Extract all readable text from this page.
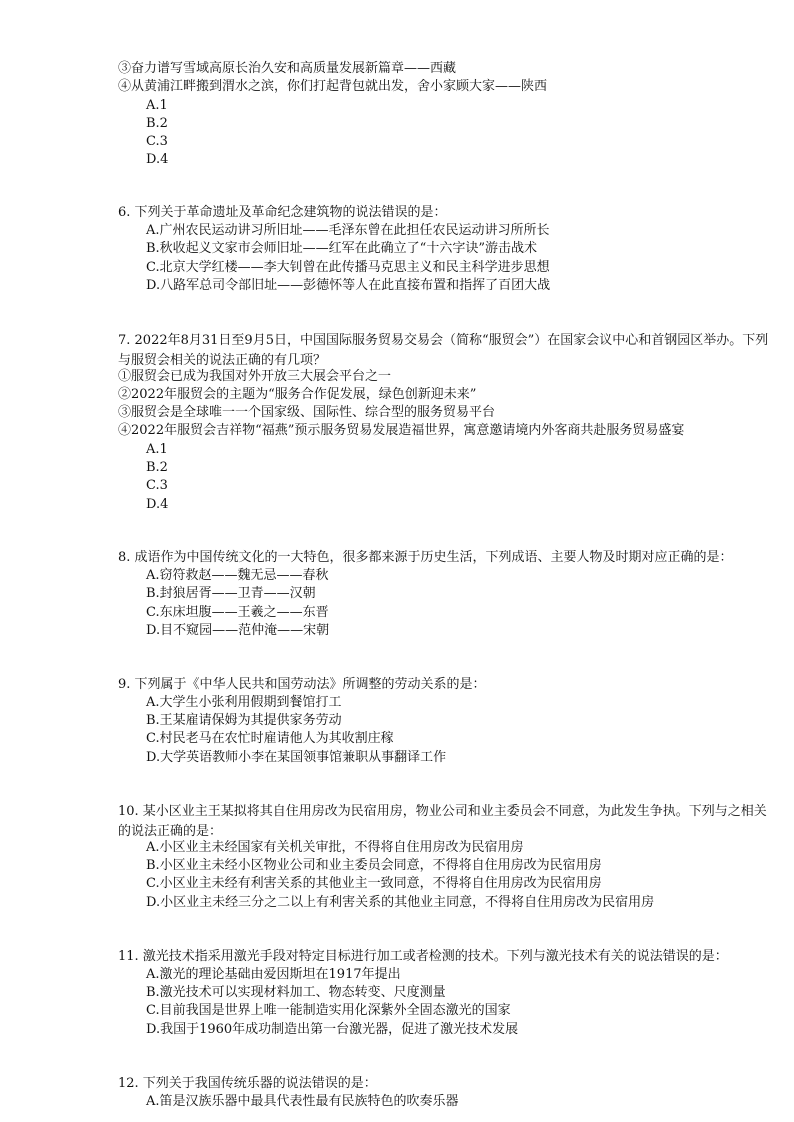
③奋力谱写雪域高原长治久安和高质量发展新篇章——西藏
④从黄浦江畔搬到渭水之滨，你们打起背包就出发，舍小家顾大家——陕西
A.1
B.2
C.3
D.4
6. 下列关于革命遗址及革命纪念建筑物的说法错误的是：
A.广州农民运动讲习所旧址——毛泽东曾在此担任农民运动讲习所所长
B.秋收起义文家市会师旧址——红军在此确立了“十六字诀”游击战术
C.北京大学红楼——李大钊曾在此传播马克思主义和民主科学进步思想
D.八路军总司令部旧址——彭德怀等人在此直接布置和指挥了百团大战
7. 2022年8月31日至9月5日，中国国际服务贸易交易会（简称“服贸会”）在国家会议中心和首钢园区举办。下列与服贸会相关的说法正确的有几项？
①服贸会已成为我国对外开放三大展会平台之一
②2022年服贸会的主题为“服务合作促发展，绿色创新迎未来”
③服贸会是全球唯一一个国家级、国际性、综合型的服务贸易平台
④2022年服贸会吉祥物“福燕”预示服务贸易发展造福世界，寓意邀请境内外客商共赴服务贸易盛宴
A.1
B.2
C.3
D.4
8. 成语作为中国传统文化的一大特色，很多都来源于历史生活，下列成语、主要人物及时期对应正确的是：
A.窃符救赵——魏无忌——春秋
B.封狼居胥——卫青——汉朝
C.东床坦腹——王羲之——东晋
D.目不窥园——范仲淹——宋朝
9. 下列属于《中华人民共和国劳动法》所调整的劳动关系的是：
A.大学生小张利用假期到餐馆打工
B.王某雇请保姆为其提供家务劳动
C.村民老马在农忙时雇请他人为其收割庄稼
D.大学英语教师小李在某国领事馆兼职从事翻译工作
10. 某小区业主王某拟将其自住用房改为民宿用房，物业公司和业主委员会不同意，为此发生争执。下列与之相关的说法正确的是：
A.小区业主未经国家有关机关审批，不得将自住用房改为民宿用房
B.小区业主未经小区物业公司和业主委员会同意，不得将自住用房改为民宿用房
C.小区业主未经有利害关系的其他业主一致同意，不得将自住用房改为民宿用房
D.小区业主未经三分之二以上有利害关系的其他业主同意，不得将自住用房改为民宿用房
11. 激光技术指采用激光手段对特定目标进行加工或者检测的技术。下列与激光技术有关的说法错误的是：
A.激光的理论基础由爱因斯坦在1917年提出
B.激光技术可以实现材料加工、物态转变、尺度测量
C.目前我国是世界上唯一能制造实用化深紫外全固态激光的国家
D.我国于1960年成功制造出第一台激光器，促进了激光技术发展
12. 下列关于我国传统乐器的说法错误的是：
A.笛是汉族乐器中最具代表性最有民族特色的吹奏乐器
